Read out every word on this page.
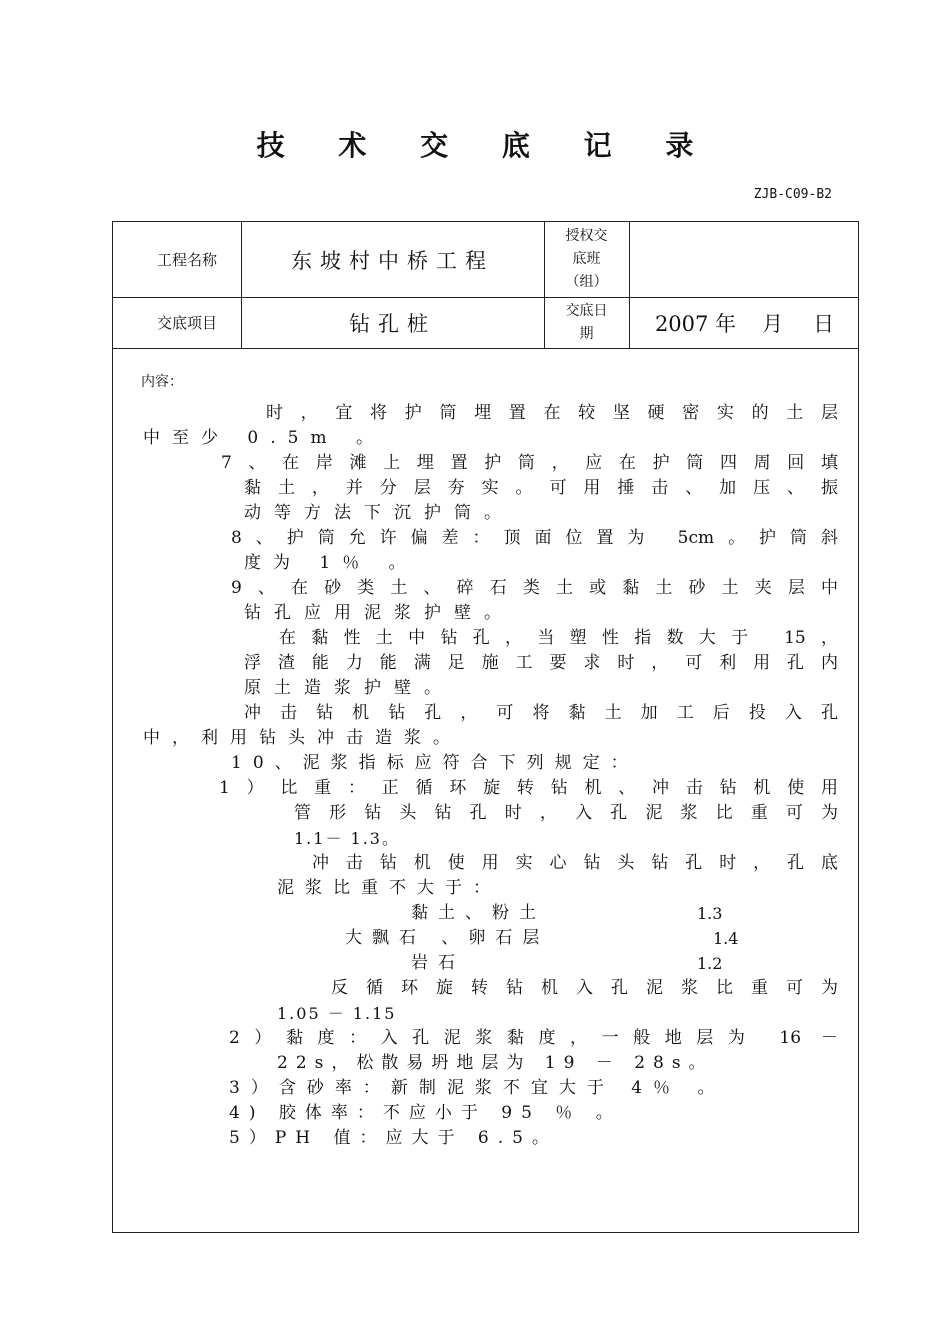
技 术 交 底 记 录
ZJB-C09-B2
工程名称	东坡村中桥工程
授权交
底班
（组）
交底项目	钻孔桩
交底日
期	2007 年 月 日
内容：
时，宜将护筒埋置在较坚硬密实的土层
中至少 0.5m 。
7、在岸滩上埋置护筒，应在护筒四周回填
黏土，并分层夯实。可用捶击、加压、振
动等方法下沉护筒。
8、护筒允许偏差：顶面位置为 5cm。护筒斜
度为 1％ 。
9、在砂类土、碎石类土或黏土砂土夹层中
钻孔应用泥浆护壁。
在黏性土中钻孔，当塑性指数大于 15，
浮渣能力能满足施工要求时，可利用孔内
原土造浆护壁。
冲击钻机钻孔，可将黏土加工后投入孔
中，利用钻头冲击造浆。
10、泥浆指标应符合下列规定：
1）比重：正循环旋转钻机、冲击钻机使用
管形钻头钻孔时，入孔泥浆比重可为
1.1－ 1.3。
冲击钻机使用实心钻头钻孔时，孔底
泥浆比重不大于：
黏土、粉土	1.3
大飘石 、卵石层	1.4
岩石	1.2
反循环旋转钻机入孔泥浆比重可为
1.05 － 1.15
2）黏度：入孔泥浆黏度，一般地层为 16 －
22s，松散易坍地层为 19 － 28s。
3）含砂率：新制泥浆不宜大于 4％ 。
4) 胶体率：不应小于 95 ％ 。
5）PH 值：应大于 6.5。
